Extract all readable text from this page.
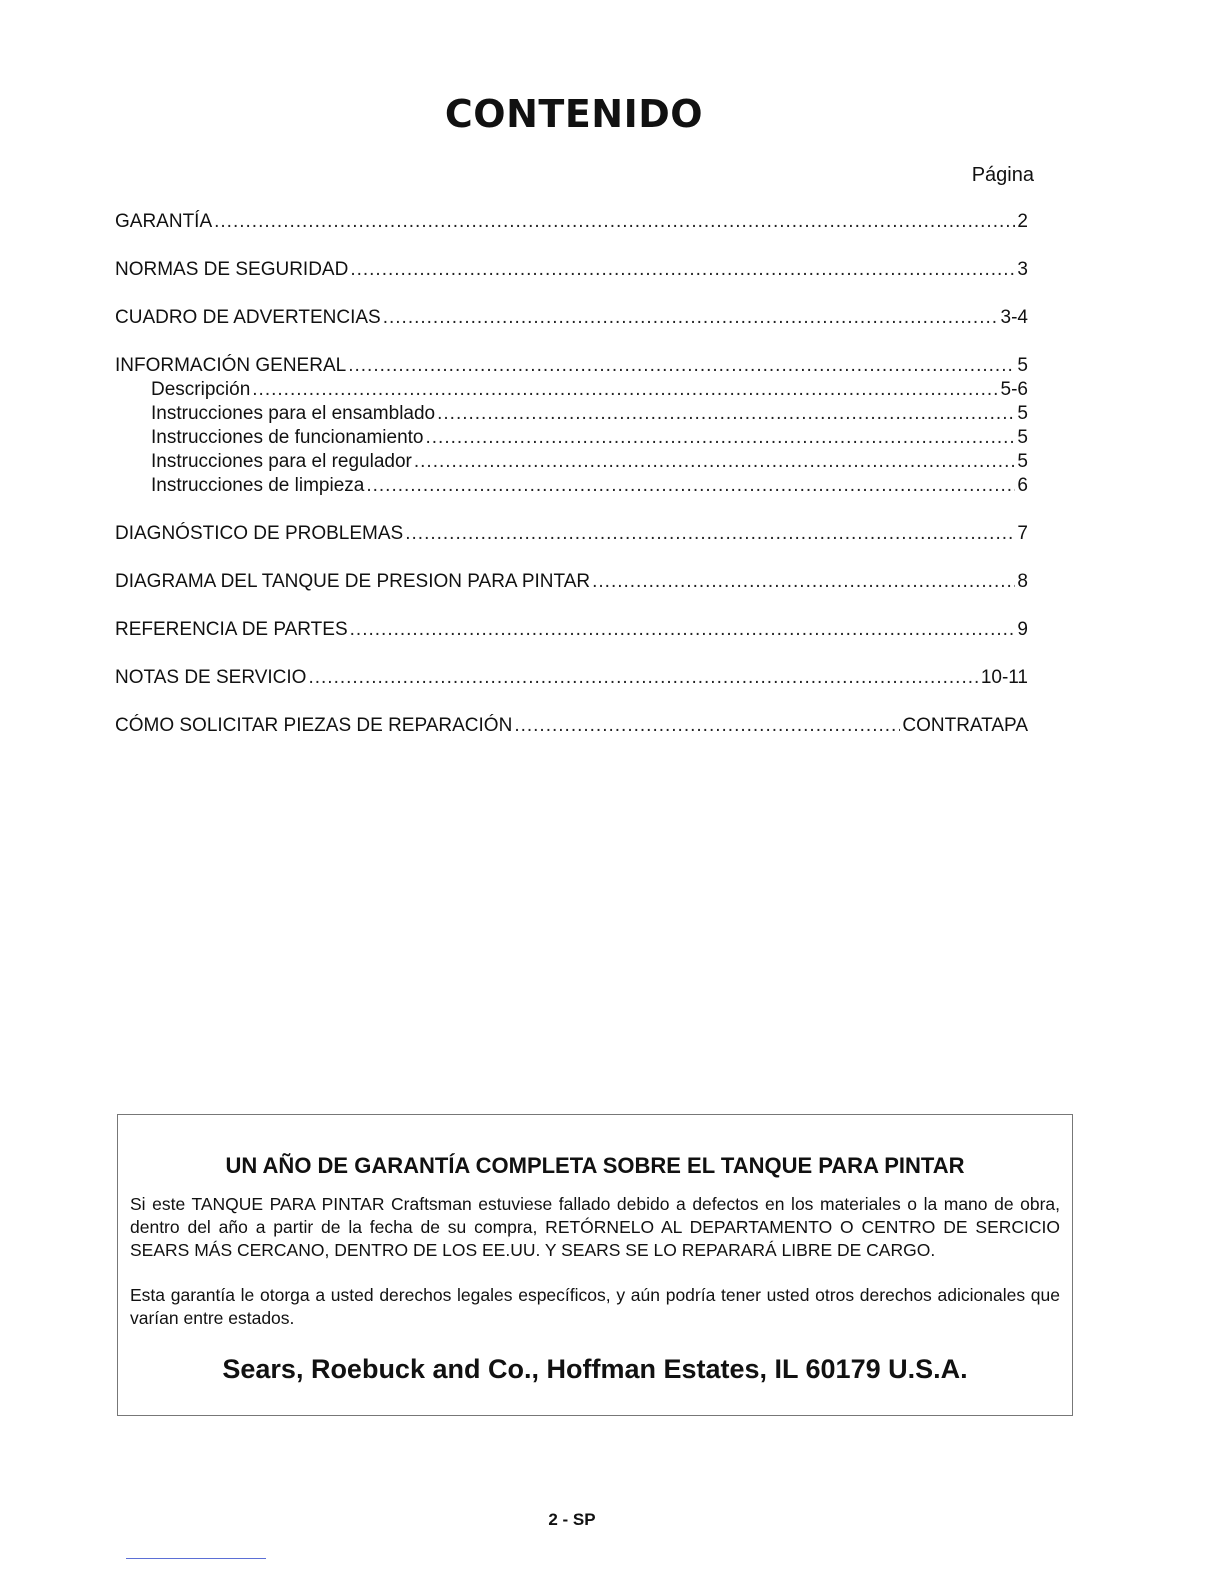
CONTENIDO
Página
GARANTÍA .....	2
NORMAS DE SEGURIDAD .....	3
CUADRO DE ADVERTENCIAS .....	3-4
INFORMACIÓN GENERAL .....	5
Descripción .....	5-6
Instrucciones para el ensamblado .....	5
Instrucciones de funcionamiento .....	5
Instrucciones para el regulador .....	5
Instrucciones de limpieza .....	6
DIAGNÓSTICO DE PROBLEMAS .....	7
DIAGRAMA DEL TANQUE DE PRESION PARA PINTAR .....	8
REFERENCIA DE PARTES .....	9
NOTAS DE SERVICIO .....	10-11
CÓMO SOLICITAR PIEZAS DE REPARACIÓN .....	CONTRATAPA
UN AÑO DE GARANTÍA COMPLETA SOBRE EL TANQUE PARA PINTAR

Si este TANQUE PARA PINTAR Craftsman estuviese fallado debido a defectos en los materiales o la mano de obra, dentro del año a partir de la fecha de su compra, RETÓRNELO AL DEPARTAMENTO O CENTRO DE SERCICIO SEARS MÁS CERCANO, DENTRO DE LOS EE.UU. Y SEARS SE LO REPARARÁ LIBRE DE CARGO.

Esta garantía le otorga a usted derechos legales específicos, y aún podría tener usted otros derechos adicionales que varían entre estados.

Sears, Roebuck and Co., Hoffman Estates, IL 60179 U.S.A.
2 - SP
